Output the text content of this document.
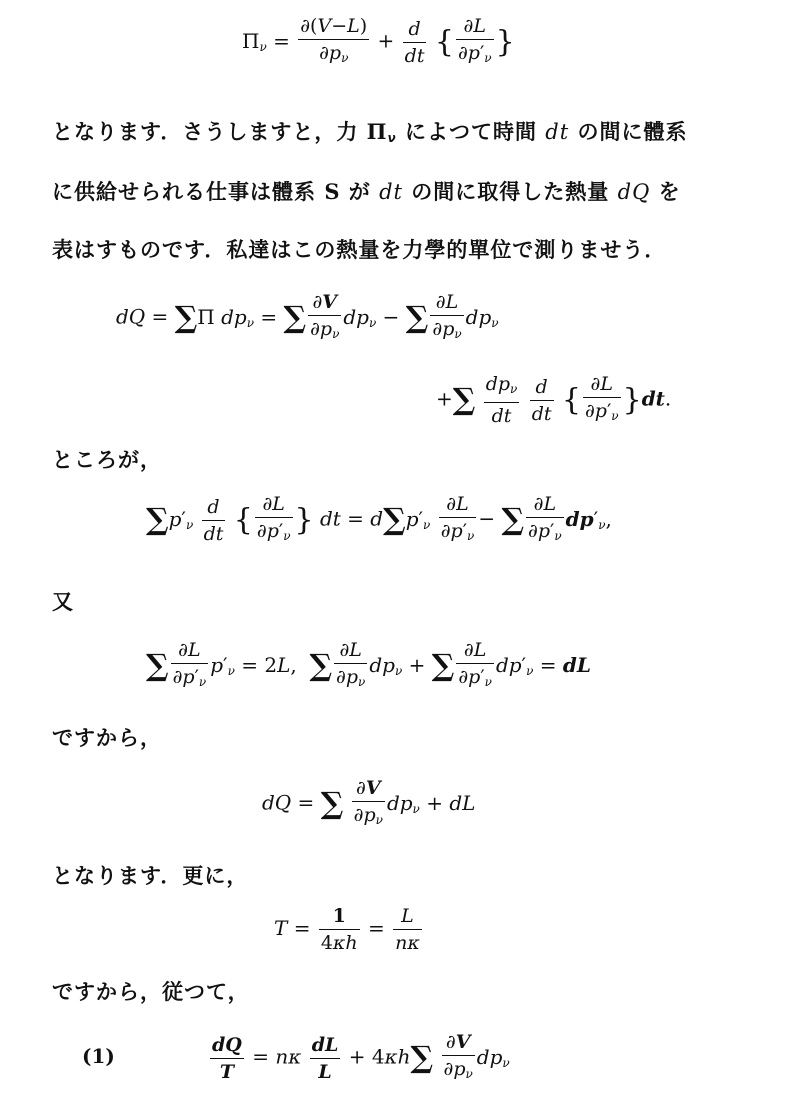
$\Pi_\nu = \frac{\partial(V-L)}{\partial p_\nu} + \frac{d}{dt}$ { $\frac{\partial L}{\partial p'_\nu}$ }
となります．さうしますと，力 $\Pi_\nu$ によつて時間 dt の間に體系
に供給せられる仕事は體系 S が dt の間に取得した熱量 dQ を
表はすものです．私達はこの熱量を力學的單位で測りませう．
dQ = ∑Π $dp_\nu$ = ∑ $\frac{\partial V}{\partial p_\nu} dp_\nu$ − ∑ $\frac{\partial L}{\partial p_\nu} dp_\nu$
+∑ $\frac{dp_\nu}{dt}$
$\frac{d}{dt}$ { $\frac{\partial L}{\partial p'_\nu} \}dt$.
ところが，
$\sum p'_\nu \frac{d}{dt}$ { $\frac{\partial L}{\partial p'_\nu}$ } dt = $d\sum p'_\nu \frac{\partial L}{\partial p'_\nu}$ − ∑ $\frac{\partial L}{\partial p'_\nu} dp'_\nu$,
又
∑ $\frac{\partial L}{\partial p'_\nu} p'_\nu = 2L$,  ∑ $\frac{\partial L}{\partial p_\nu} dp_\nu$ + ∑ $\frac{\partial L}{\partial p'_\nu} dp'_\nu$ = dL
ですから，
dQ = ∑ $\frac{\partial V}{\partial p_\nu} dp_\nu$ + dL
となります．更に，
$T = \frac{1}{4\kappa h} = \frac{L}{n\kappa}$
ですから，従つて，
(1)	$\frac{dQ}{T} = n\kappa \frac{dL}{L} + 4\kappa h\sum \frac{\partial V}{\partial p_\nu} dp_\nu$
